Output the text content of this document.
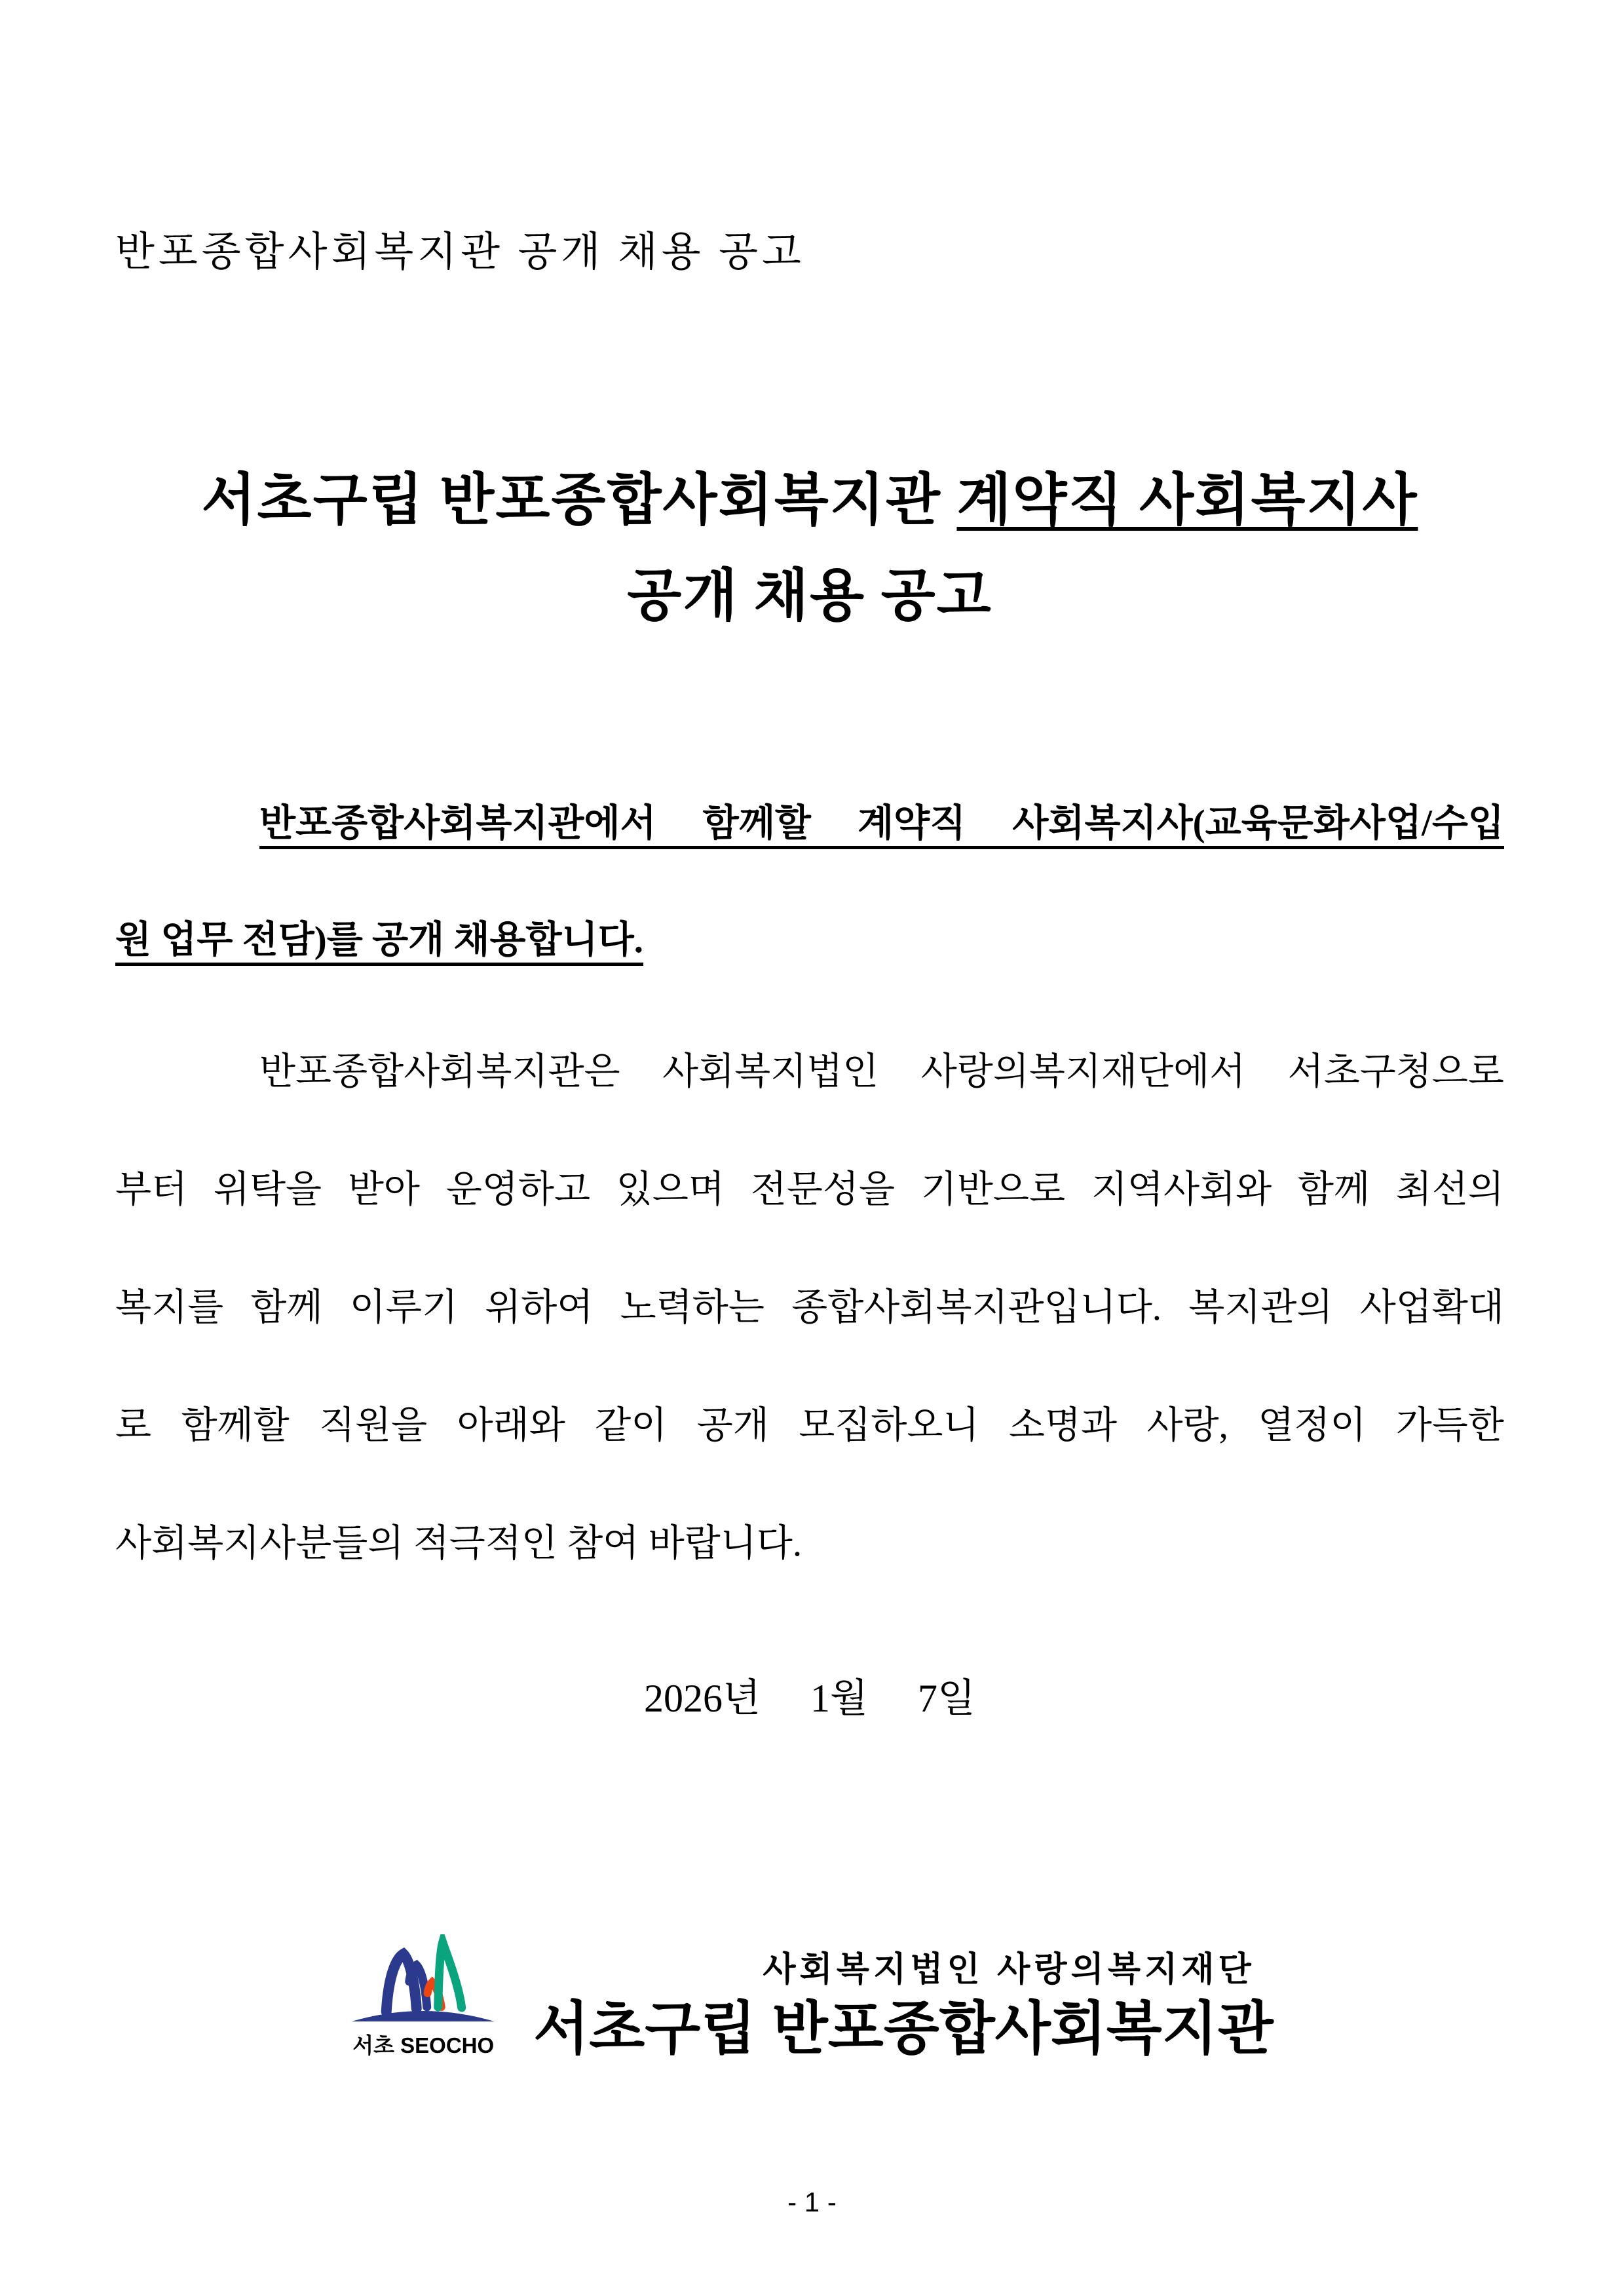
반포종합사회복지관 공개 채용 공고
서초구립 반포종합사회복지관 계약직 사회복지사
공개 채용 공고
반포종합사회복지관에서 함께할 계약직 사회복지사(교육문화사업/수입
원 업무 전담)를 공개 채용합니다.
반포종합사회복지관은 사회복지법인 사랑의복지재단에서 서초구청으로
부터 위탁을 받아 운영하고 있으며 전문성을 기반으로 지역사회와 함께 최선의
복지를 함께 이루기 위하여 노력하는 종합사회복지관입니다. 복지관의 사업확대
로 함께할 직원을 아래와 같이 공개 모집하오니 소명과 사랑, 열정이 가득한
사회복지사분들의 적극적인 참여 바랍니다.
2026년  1월  7일
서초 SEOCHO
사회복지법인 사랑의복지재단
서초구립 반포종합사회복지관
- 1 -
